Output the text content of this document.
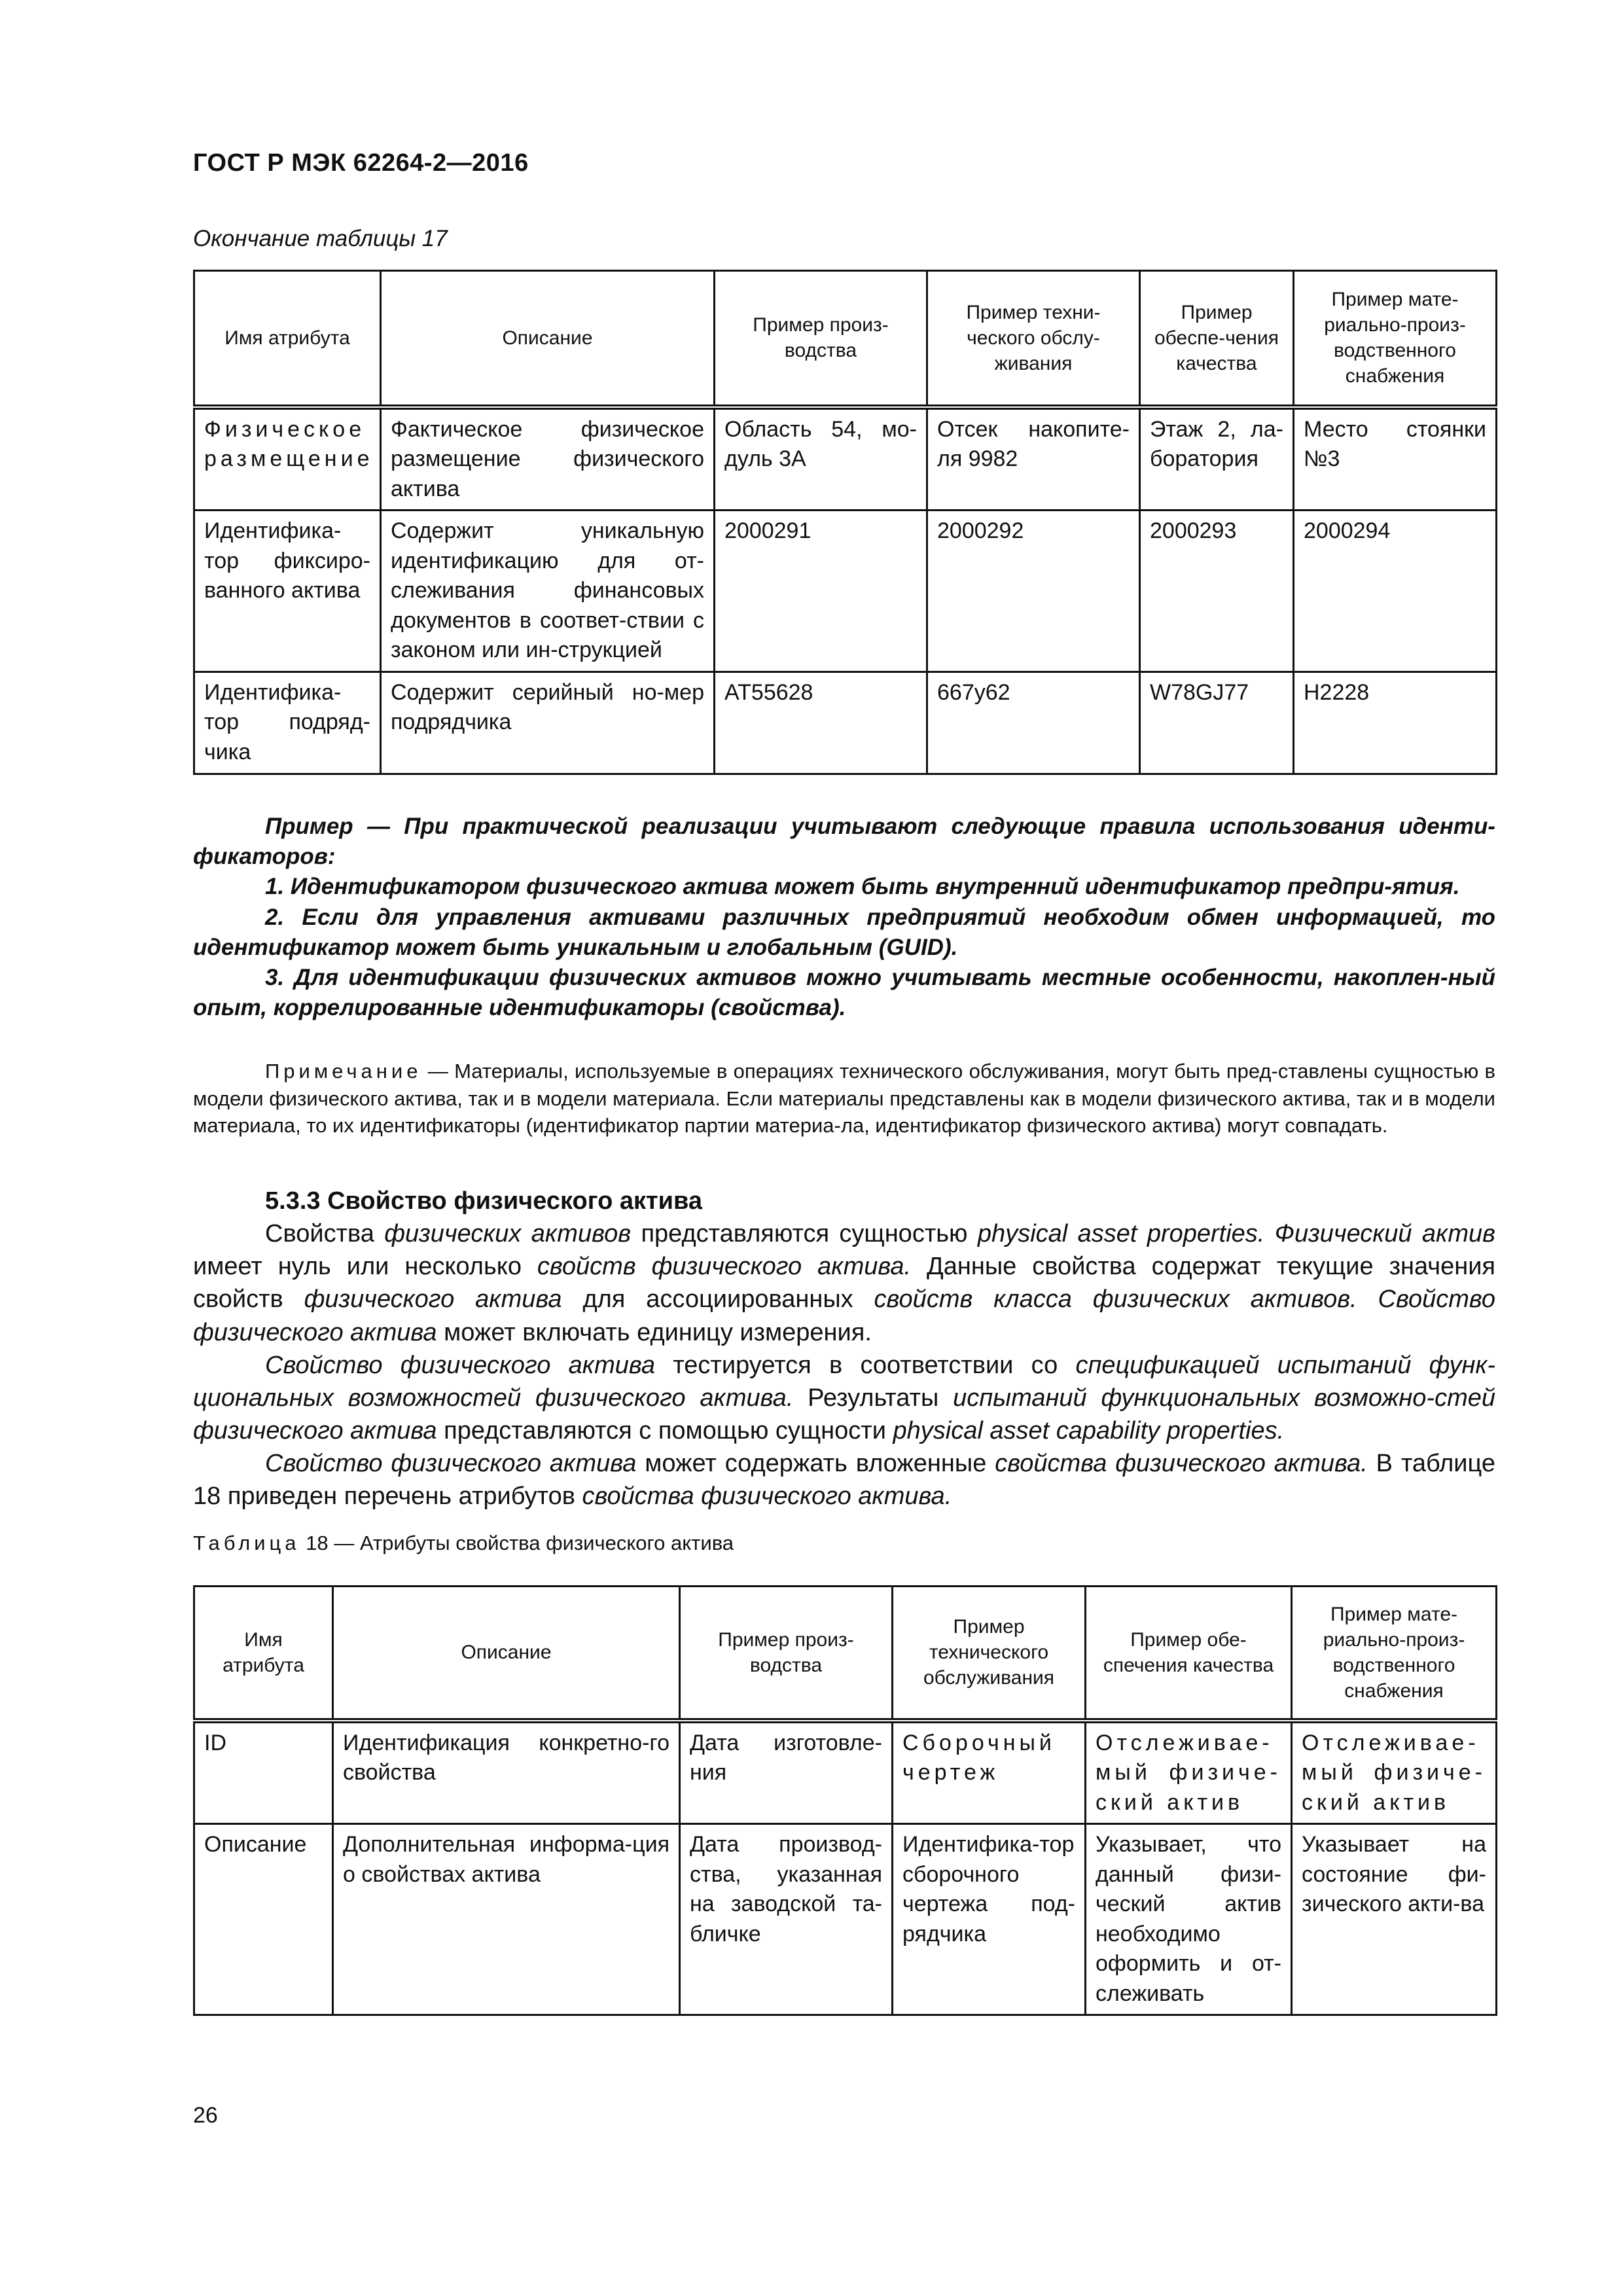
ГОСТ Р МЭК 62264-2—2016
Окончание таблицы 17
Имя атрибута	Описание	Пример произ-водства	Пример техни-ческого обслу-живания	Пример обеспе-чения качества	Пример мате-риально-произ-водственного снабжения
Физическое размещение	Фактическое физическое размещение физического актива	Область 54, мо-дуль 3А	Отсек накопите-ля 9982	Этаж 2, ла-боратория	Место стоянки №3
Идентифика-тор фиксиро-ванного актива	Содержит уникальную идентификацию для от-слеживания финансовых документов в соответ-ствии с законом или ин-струкцией	2000291	2000292	2000293	2000294
Идентифика-тор подряд-чика	Содержит серийный но-мер подрядчика	AT55628	667y62	W78GJ77	H2228
Пример — При практической реализации учитывают следующие правила использования иденти-фикаторов:
1. Идентификатором физического актива может быть внутренний идентификатор предпри-ятия.
2. Если для управления активами различных предприятий необходим обмен информацией, то идентификатор может быть уникальным и глобальным (GUID).
3. Для идентификации физических активов можно учитывать местные особенности, накоплен-ный опыт, коррелированные идентификаторы (свойства).
Примечание — Материалы, используемые в операциях технического обслуживания, могут быть пред-ставлены сущностью в модели физического актива, так и в модели материала. Если материалы представлены как в модели физического актива, так и в модели материала, то их идентификаторы (идентификатор партии материа-ла, идентификатор физического актива) могут совпадать.
5.3.3 Свойство физического актива
Свойства физических активов представляются сущностью physical asset properties. Физический актив имеет нуль или несколько свойств физического актива. Данные свойства содержат текущие значения свойств физического актива для ассоциированных свойств класса физических активов. Свойство физического актива может включать единицу измерения.
Свойство физического актива тестируется в соответствии со спецификацией испытаний функ-циональных возможностей физического актива. Результаты испытаний функциональных возможно-стей физического актива представляются с помощью сущности physical asset capability properties.
Свойство физического актива может содержать вложенные свойства физического актива. В таблице 18 приведен перечень атрибутов свойства физического актива.
Таблица 18 — Атрибуты свойства физического актива
Имя атрибута	Описание	Пример произ-водства	Пример технического обслуживания	Пример обе-спечения качества	Пример мате-риально-произ-водственного снабжения
ID	Идентификация конкретно-го свойства	Дата изготовле-ния	Сборочный чертеж	Отслеживае-мый физиче-ский актив	Отслеживае-мый физиче-ский актив
Описание	Дополнительная информа-ция о свойствах актива	Дата производ-ства, указанная на заводской та-бличке	Идентифика-тор сборочного чертежа под-рядчика	Указывает, что данный физи-ческий актив необходимо оформить и от-слеживать	Указывает на состояние фи-зического акти-ва
26
